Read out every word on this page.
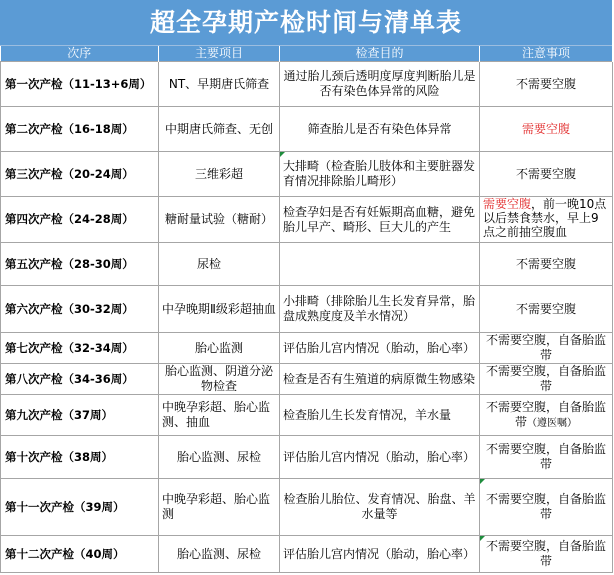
超全孕期产检时间与清单表
次序	主要项目	检查目的	注意事项
第一次产检（11-13+6周）	NT、早期唐氏筛查	通过胎儿颈后透明度厚度判断胎儿是否有染色体异常的风险	不需要空腹
第二次产检（16-18周）	中期唐氏筛查、无创	筛查胎儿是否有染色体异常	需要空腹
第三次产检（20-24周）	三维彩超	大排畸（检查胎儿肢体和主要脏器发育情况排除胎儿畸形）	不需要空腹
第四次产检（24-28周）	糖耐量试验（糖耐）	检查孕妇是否有妊娠期高血糖，避免胎儿早产、畸形、巨大儿的产生	需要空腹，前一晚10点以后禁食禁水，早上9点之前抽空腹血
第五次产检（28-30周）	尿检		不需要空腹
第六次产检（30-32周）	中孕晚期Ⅱ级彩超抽血	小排畸（排除胎儿生长发育异常，胎盘成熟度度及羊水情况）	不需要空腹
第七次产检（32-34周）	胎心监测	评估胎儿宫内情况（胎动，胎心率）	不需要空腹，自备胎监带
第八次产检（34-36周）	胎心监测、阴道分泌物检查	检查是否有生殖道的病原微生物感染	不需要空腹，自备胎监带
第九次产检（37周）	中晚孕彩超、胎心监测、抽血	检查胎儿生长发育情况，羊水量	不需要空腹，自备胎监带（遵医嘱）
第十次产检（38周）	胎心监测、尿检	评估胎儿宫内情况（胎动，胎心率）	不需要空腹，自备胎监带
第十一次产检（39周）	中晚孕彩超、胎心监测	检查胎儿胎位、发育情况、胎盘、羊水量等	不需要空腹，自备胎监带
第十二次产检（40周）	胎心监测、尿检	评估胎儿宫内情况（胎动，胎心率）	不需要空腹，自备胎监带
